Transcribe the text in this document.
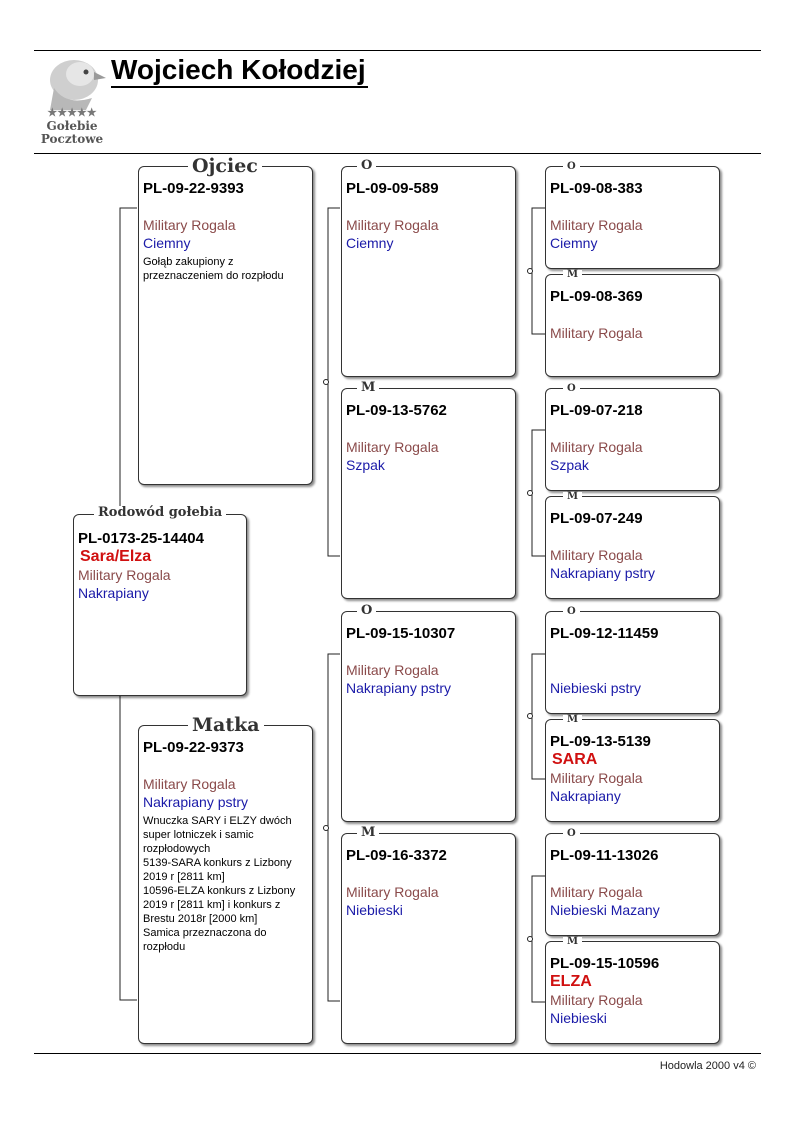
★★★★★
Gołebie
Pocztowe
Wojciech Kołodziej
PL-0173-25-14404
Sara/Elza
Military Rogala
Nakrapiany
Rodowód gołebia
PL-09-22-9393
Military Rogala
Ciemny
Gołąb zakupiony z przeznaczeniem do rozpłodu
Ojciec
PL-09-22-9373
Military Rogala
Nakrapiany pstry
Wnuczka SARY i ELZY dwóch super lotniczek i samic rozpłodowych
5139-SARA konkurs z Lizbony 2019 r [2811 km]
10596-ELZA konkurs z Lizbony 2019 r [2811 km] i konkurs z Brestu 2018r [2000 km]
Samica przeznaczona do rozpłodu
Matka
PL-09-09-589
Military Rogala
Ciemny
O
PL-09-13-5762
Military Rogala
Szpak
M
PL-09-15-10307
Military Rogala
Nakrapiany pstry
O
PL-09-16-3372
Military Rogala
Niebieski
M
PL-09-08-383
Military Rogala
Ciemny
O
PL-09-08-369
Military Rogala
M
PL-09-07-218
Military Rogala
Szpak
O
PL-09-07-249
Military Rogala
Nakrapiany pstry
M
PL-09-12-11459
Niebieski pstry
O
PL-09-13-5139
SARA
Military Rogala
Nakrapiany
M
PL-09-11-13026
Military Rogala
Niebieski Mazany
O
PL-09-15-10596
ELZA
Military Rogala
Niebieski
M
Hodowla 2000 v4 ©
